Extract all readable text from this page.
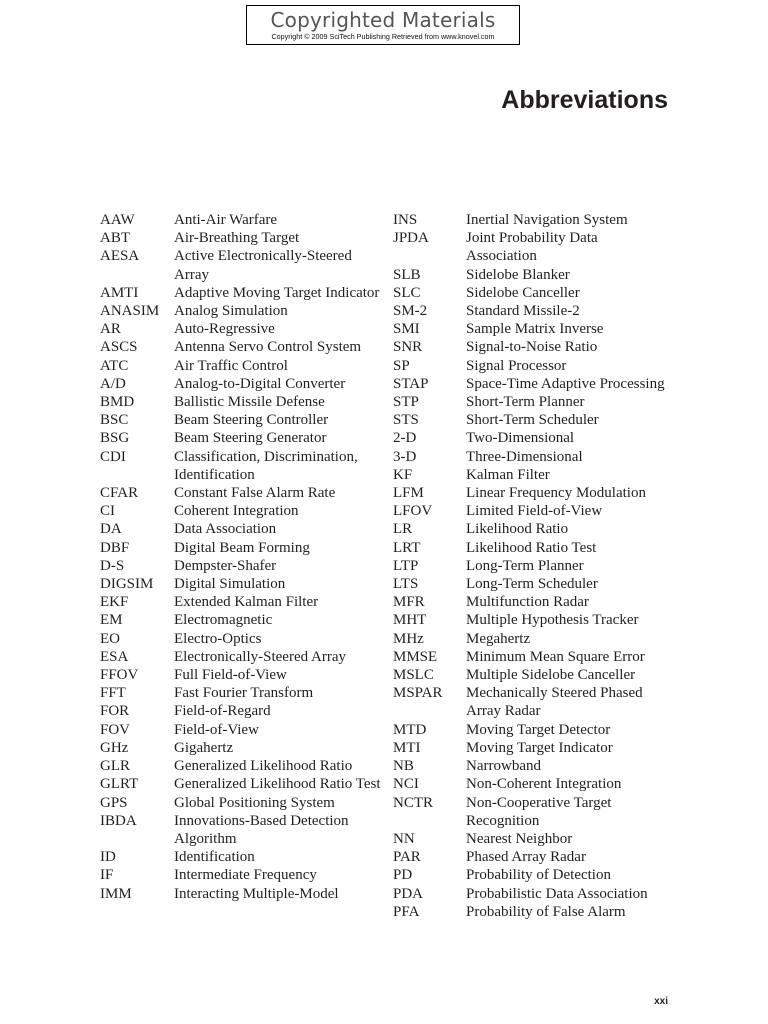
Copyrighted Materials
Copyright © 2009 SciTech Publishing Retrieved from www.knovel.com
Abbreviations
AAW	Anti-Air Warfare
ABT	Air-Breathing Target
AESA	Active Electronically-Steered Array
AMTI	Adaptive Moving Target Indicator
ANASIM Analog Simulation
AR	Auto-Regressive
ASCS	Antenna Servo Control System
ATC	Air Traffic Control
A/D	Analog-to-Digital Converter
BMD	Ballistic Missile Defense
BSC	Beam Steering Controller
BSG	Beam Steering Generator
CDI	Classification, Discrimination, Identification
CFAR	Constant False Alarm Rate
CI	Coherent Integration
DA	Data Association
DBF	Digital Beam Forming
D-S	Dempster-Shafer
DIGSIM	Digital Simulation
EKF	Extended Kalman Filter
EM	Electromagnetic
EO	Electro-Optics
ESA	Electronically-Steered Array
FFOV	Full Field-of-View
FFT	Fast Fourier Transform
FOR	Field-of-Regard
FOV	Field-of-View
GHz	Gigahertz
GLR	Generalized Likelihood Ratio
GLRT	Generalized Likelihood Ratio Test
GPS	Global Positioning System
IBDA	Innovations-Based Detection Algorithm
ID	Identification
IF	Intermediate Frequency
IMM	Interacting Multiple-Model
INS	Inertial Navigation System
JPDA	Joint Probability Data Association
SLB	Sidelobe Blanker
SLC	Sidelobe Canceller
SM-2	Standard Missile-2
SMI	Sample Matrix Inverse
SNR	Signal-to-Noise Ratio
SP	Signal Processor
STAP	Space-Time Adaptive Processing
STP	Short-Term Planner
STS	Short-Term Scheduler
2-D	Two-Dimensional
3-D	Three-Dimensional
KF	Kalman Filter
LFM	Linear Frequency Modulation
LFOV	Limited Field-of-View
LR	Likelihood Ratio
LRT	Likelihood Ratio Test
LTP	Long-Term Planner
LTS	Long-Term Scheduler
MFR	Multifunction Radar
MHT	Multiple Hypothesis Tracker
MHz	Megahertz
MMSE	Minimum Mean Square Error
MSLC	Multiple Sidelobe Canceller
MSPAR	Mechanically Steered Phased Array Radar
MTD	Moving Target Detector
MTI	Moving Target Indicator
NB	Narrowband
NCI	Non-Coherent Integration
NCTR	Non-Cooperative Target Recognition
NN	Nearest Neighbor
PAR	Phased Array Radar
PD	Probability of Detection
PDA	Probabilistic Data Association
PFA	Probability of False Alarm
xxi
